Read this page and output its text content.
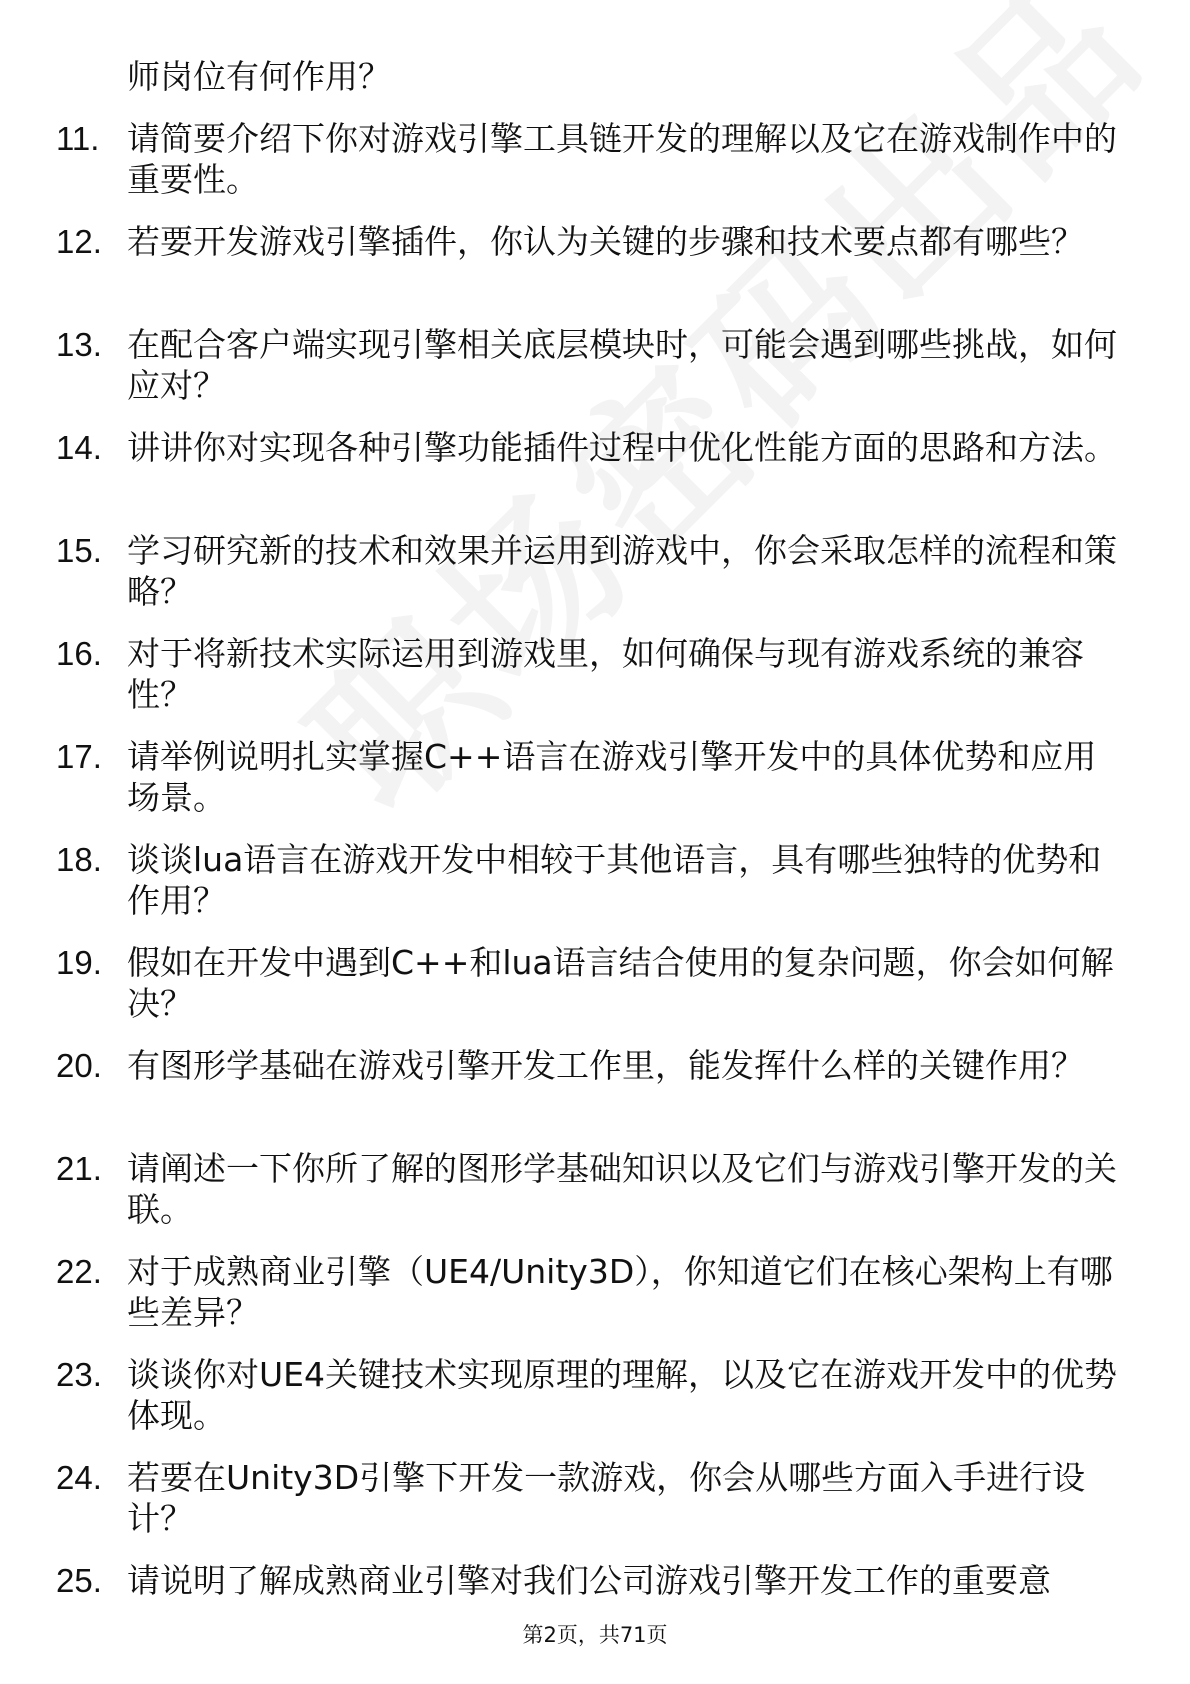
师岗位有何作用？

11. 请简要介绍下你对游戏引擎工具链开发的理解以及它在游戏制作中的重要性。
12. 若要开发游戏引擎插件，你认为关键的步骤和技术要点都有哪些？
13. 在配合客户端实现引擎相关底层模块时，可能会遇到哪些挑战，如何应对？
14. 讲讲你对实现各种引擎功能插件过程中优化性能方面的思路和方法。
15. 学习研究新的技术和效果并运用到游戏中，你会采取怎样的流程和策略？
16. 对于将新技术实际运用到游戏里，如何确保与现有游戏系统的兼容性？
17. 请举例说明扎实掌握C++语言在游戏引擎开发中的具体优势和应用场景。
18. 谈谈lua语言在游戏开发中相较于其他语言，具有哪些独特的优势和作用？
19. 假如在开发中遇到C++和lua语言结合使用的复杂问题，你会如何解决？
20. 有图形学基础在游戏引擎开发工作里，能发挥什么样的关键作用？
21. 请阐述一下你所了解的图形学基础知识以及它们与游戏引擎开发的关联。
22. 对于成熟商业引擎（UE4/Unity3D），你知道它们在核心架构上有哪些差异？
23. 谈谈你对UE4关键技术实现原理的理解，以及它在游戏开发中的优势体现。
24. 若要在Unity3D引擎下开发一款游戏，你会从哪些方面入手进行设计？
25. 请说明了解成熟商业引擎对我们公司游戏引擎开发工作的重要意
第2页，共71页
